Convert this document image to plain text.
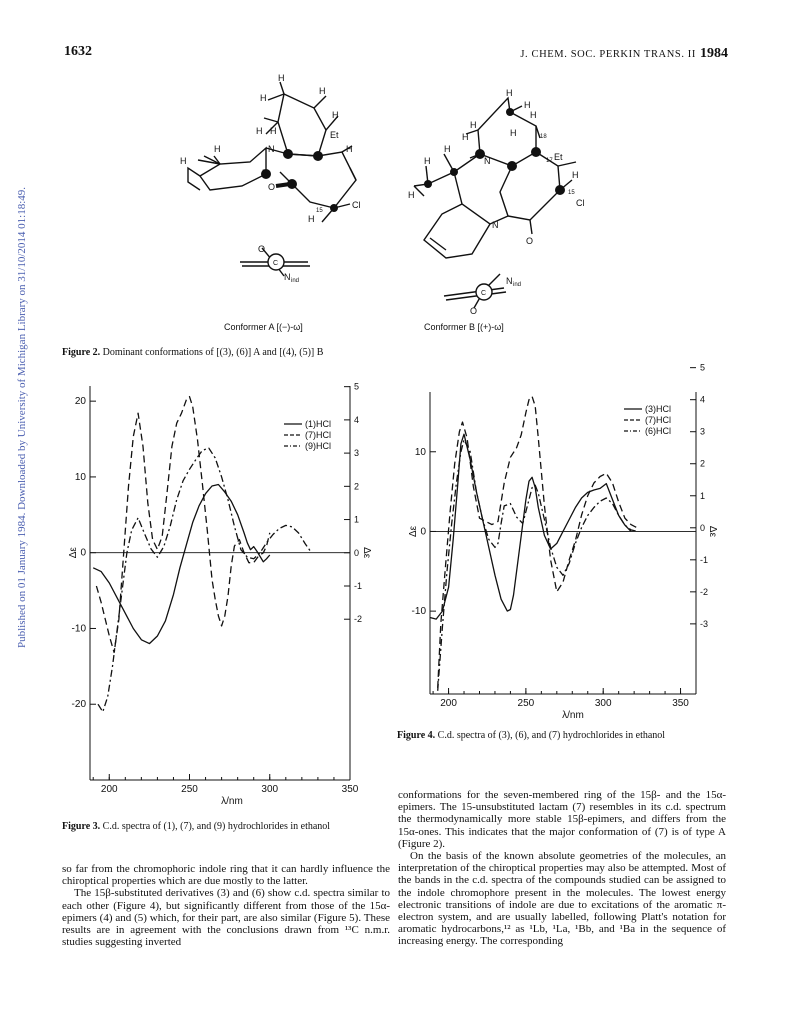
1632	J. CHEM. SOC. PERKIN TRANS. II 1984
Published on 01 January 1984. Downloaded by University of Michigan Library on 31/10/2014 01:18:49.
H
H
H
H
H	Et
H
N
H
H
N
H
O
15
Cl
H
O
C
N ind
H
H
H
H
18
H	H
N	17 Et
H
H
H
H
15
Cl
N
O
N ind
C
O
Conformer A [(−)-ω]	Conformer B [(+)-ω]
Figure 2. Dominant conformations of [(3), (6)] A and [(4), (5)] B
200	250	300	350
λ/nm
20
10
0
-10
-20
5
4
3
2
1
0
-1
-2
Δε	Δε
(1)HCl
(7)HCl
(9)HCl
Figure 3. C.d. spectra of (1), (7), and (9) hydrochlorides in ethanol
200	250	300	350
λ/nm
10
0
-10
5
4
3
2
1
0
-1
-2
-3
Δε	Δε
(3)HCl
(7)HCl
(6)HCl
Figure 4. C.d. spectra of (3), (6), and (7) hydrochlorides in ethanol

so far from the chromophoric indole ring that it can hardly influence the chiroptical properties which are due mostly to the latter.

The 15β-substituted derivatives (3) and (6) show c.d. spectra similar to each other (Figure 4), but significantly different from those of the 15α-epimers (4) and (5) which, for their part, are also similar (Figure 5). These results are in agreement with the conclusions drawn from ¹³C n.m.r. studies suggesting inverted

conformations for the seven-membered ring of the 15β- and the 15α-epimers. The 15-unsubstituted lactam (7) resembles in its c.d. spectrum the thermodynamically more stable 15β-epimers, and differs from the 15α-ones. This indicates that the major conformation of (7) is of type A (Figure 2).

On the basis of the known absolute geometries of the molecules, an interpretation of the chiroptical properties may also be attempted. Most of the bands in the c.d. spectra of the compounds studied can be assigned to the indole chromophore present in the molecules. The lowest energy electronic transitions of indole are due to excitations of the aromatic π-electron system, and are usually labelled, following Platt's notation for aromatic hydrocarbons,¹² as ¹Lb, ¹La, ¹Bb, and ¹Ba in the sequence of increasing energy. The corresponding
